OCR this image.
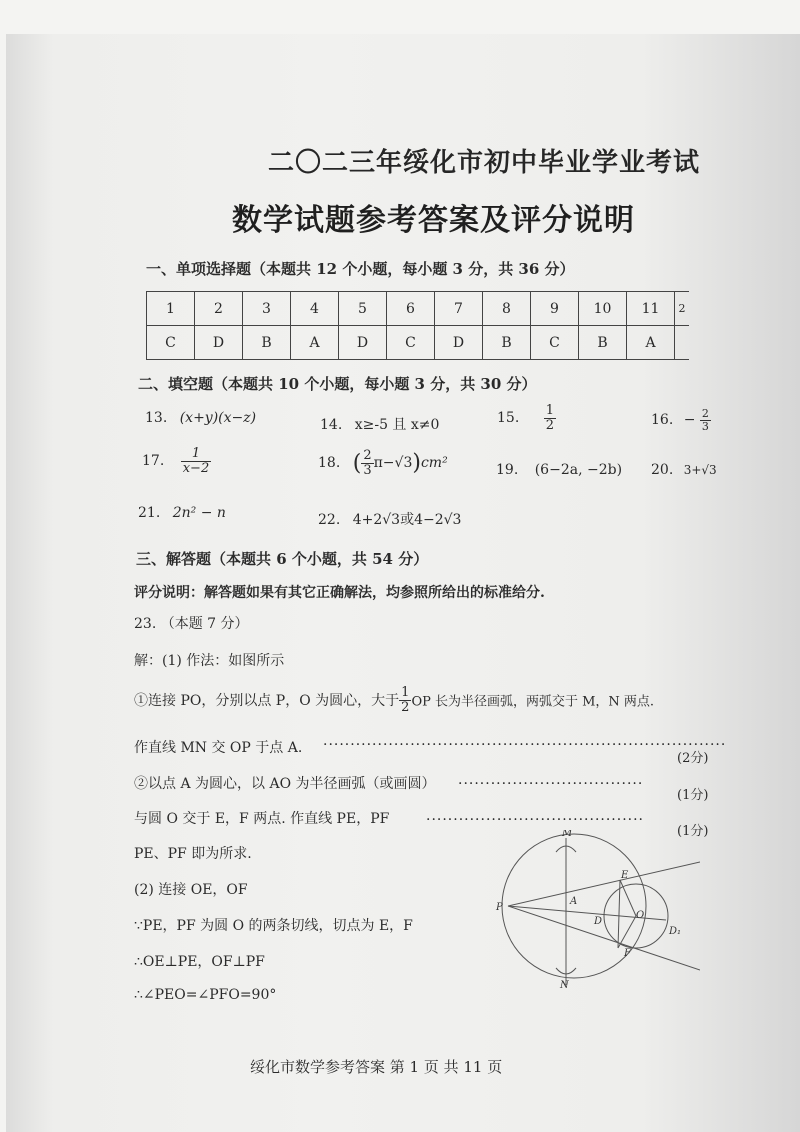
二〇二三年绥化市初中毕业学业考试
数学试题参考答案及评分说明
一、单项选择题（本题共 12 个小题，每小题 3 分，共 36 分）
1	2	3	4	5	6	7	8	9	10	11	2
C	D	B	A	D	C	D	B	C	B	A	
二、填空题（本题共 10 个小题，每小题 3 分，共 30 分）
13. (x+y)(x−z)	14. x≥-5 且 x≠0	15. $\frac{1}{2}$	16. − $\frac{2}{3}$
17. $\frac{1}{x-2}$	18. ( $\frac{2}{3} \pi-√3)cm^2$	19. (6−2a, −2b) 20. 3+√3
21. 2n² − n	22. 4+2√3或4−2√3
三、解答题（本题共 6 个小题，共 54 分）
评分说明：解答题如果有其它正确解法，均参照所给出的标准给分.
23. （本题 7 分）
解：(1) 作法：如图所示
①连接 PO，分别以点 P，O 为圆心，大于 $\frac{1}{2}$ OP 长为半径画弧，两弧交于 M，N 两点.
作直线 MN 交 OP 于点 A. ··········································································
(2分)
②以点 A 为圆心，以 AO 为半径画弧（或画圆） ··································
(1分)
与圆 O 交于 E，F 两点. 作直线 PE，PF	········································
(1分)
PE、PF 即为所求.
(2) 连接 OE，OF
∵PE，PF 为圆 O 的两条切线，切点为 E，F
∴OE⊥PE，OF⊥PF
∴∠PEO=∠PFO=90°
M
N
P
A
E
F
O
D
D₁
绥化市数学参考答案 第 1 页 共 11 页
